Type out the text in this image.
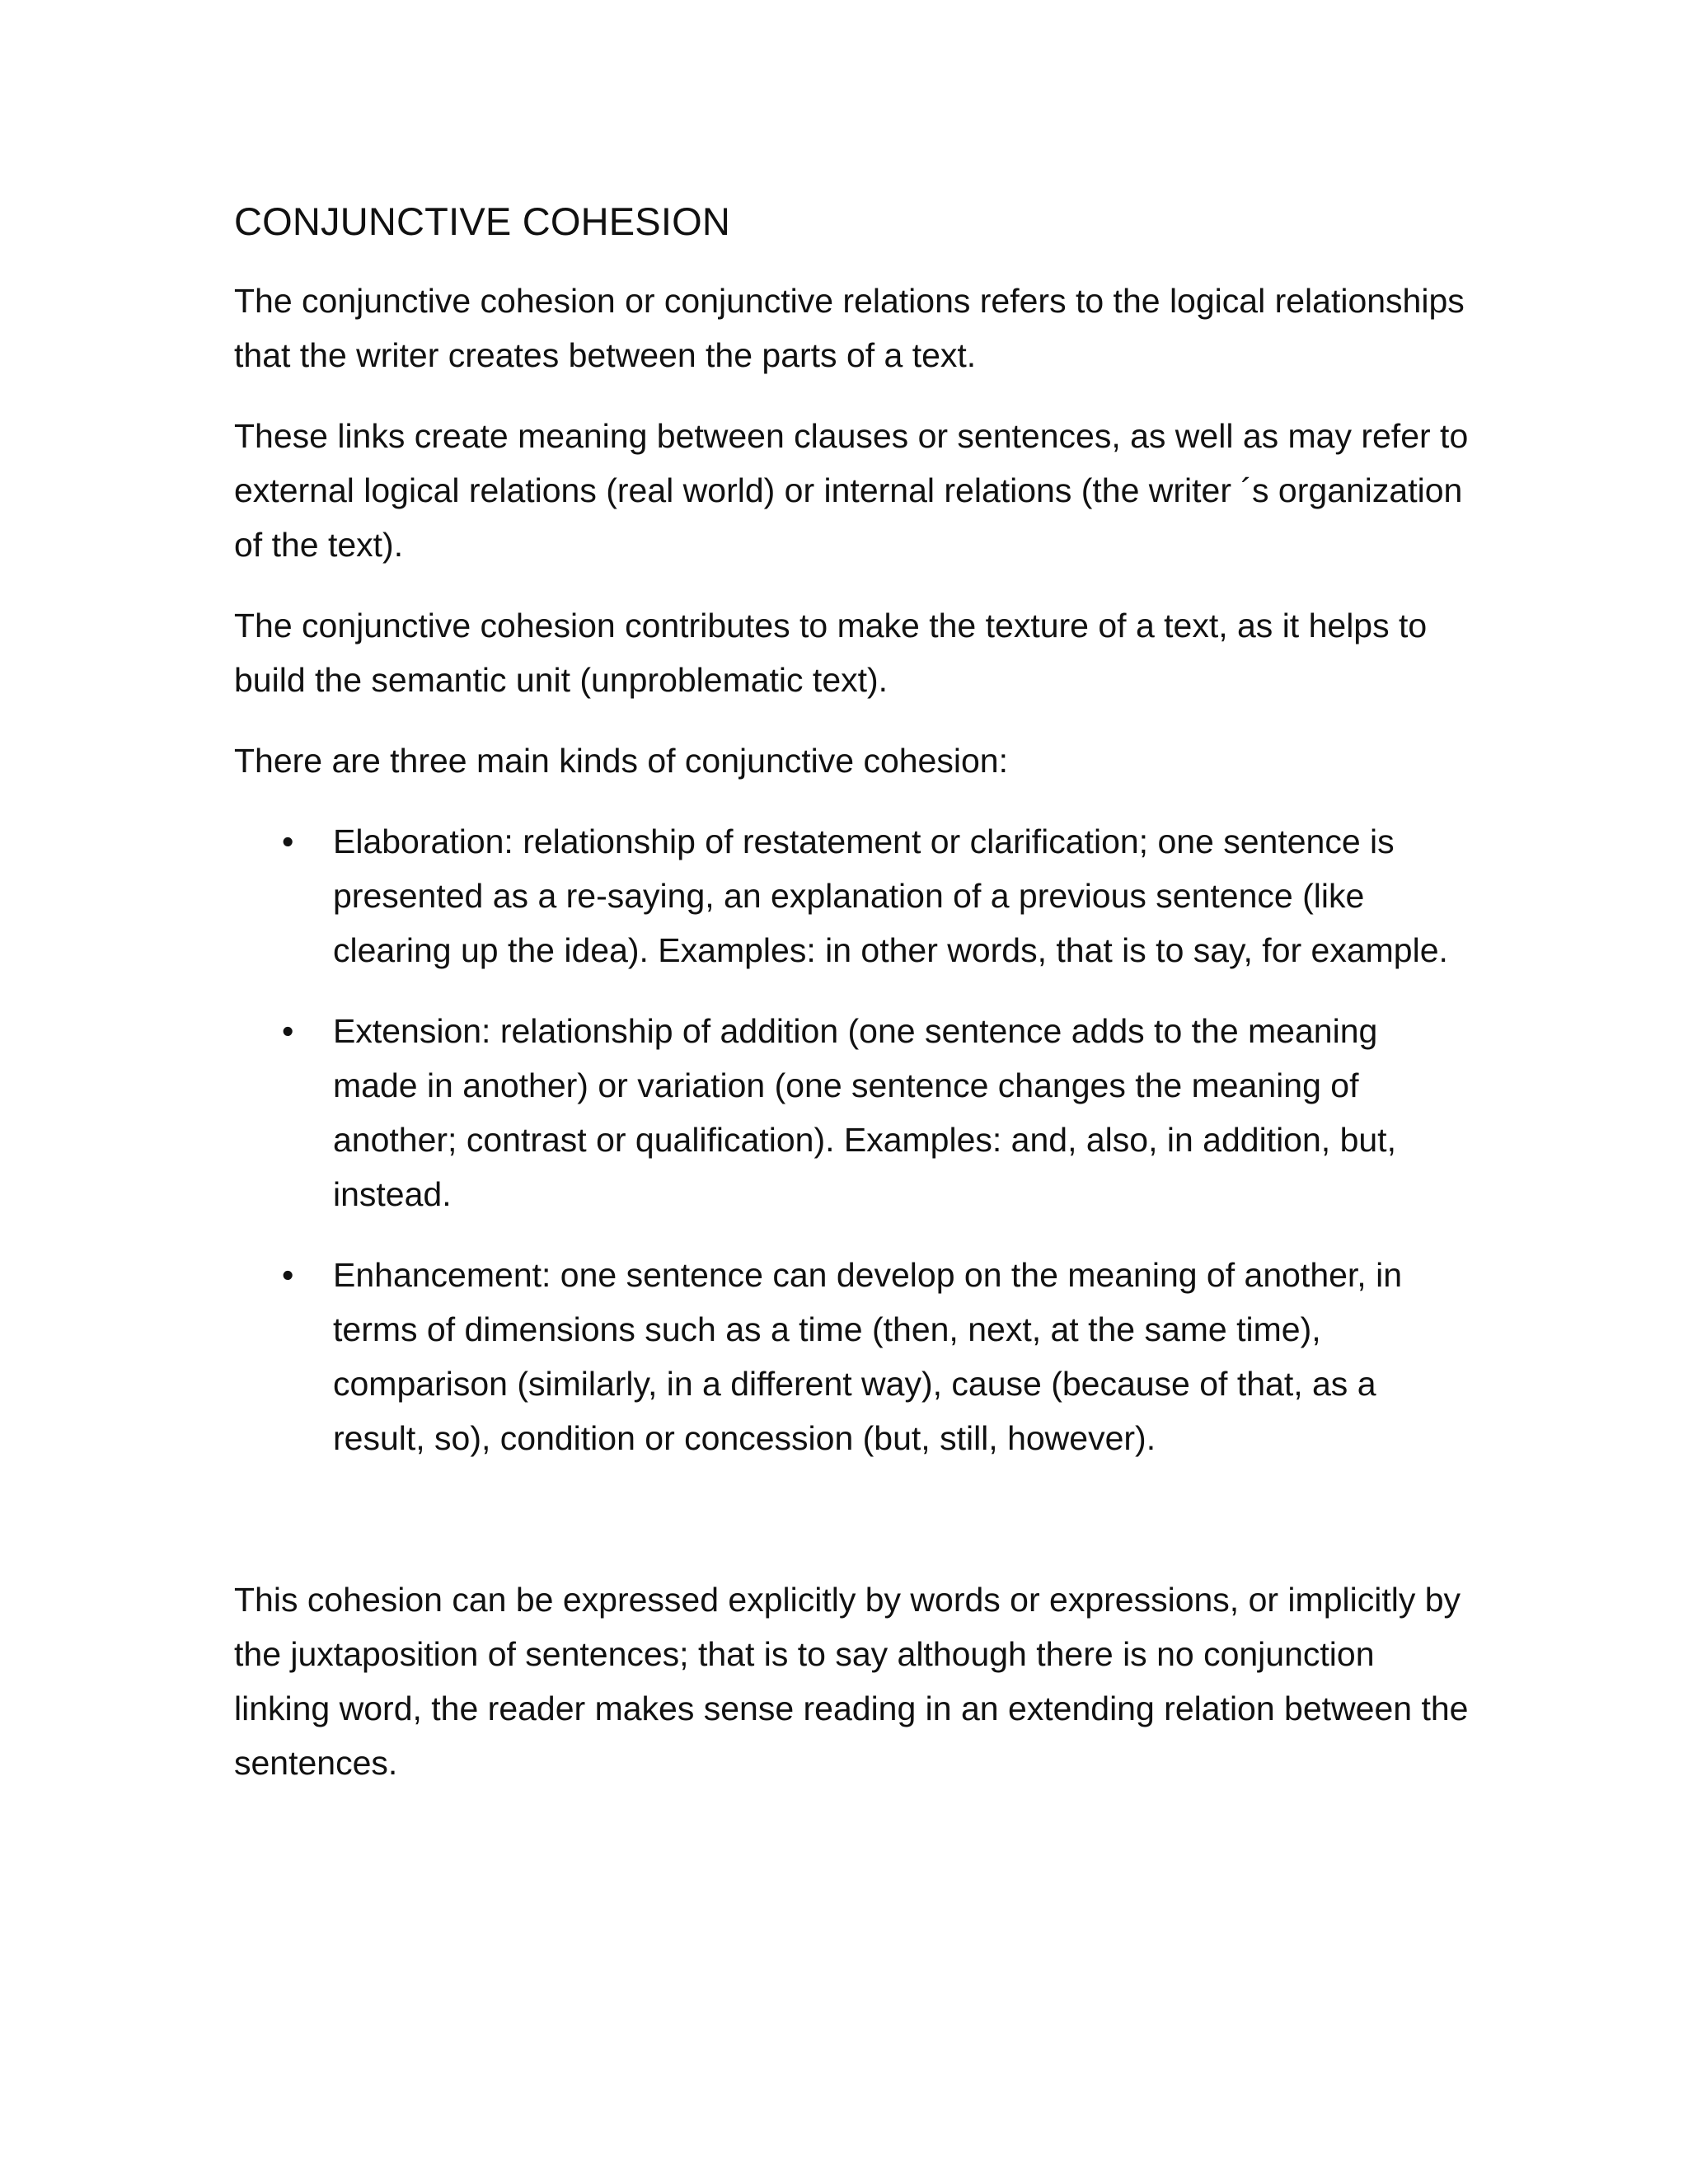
CONJUNCTIVE COHESION

The conjunctive cohesion or conjunctive relations refers to the logical relationships that the writer creates between the parts of a text.

These links create meaning between clauses or sentences, as well as may refer to external logical relations (real world) or internal relations (the writer ´s organization of the text).

The conjunctive cohesion contributes to make the texture of a text, as it helps to build the semantic unit (unproblematic text).

There are three main kinds of conjunctive cohesion:

• Elaboration: relationship of restatement or clarification; one sentence is presented as a re-saying, an explanation of a previous sentence (like clearing up the idea). Examples: in other words, that is to say, for example.
• Extension: relationship of addition (one sentence adds to the meaning made in another) or variation (one sentence changes the meaning of another; contrast or qualification). Examples: and, also, in addition, but, instead.
• Enhancement: one sentence can develop on the meaning of another, in terms of dimensions such as a time (then, next, at the same time), comparison (similarly, in a different way), cause (because of that, as a result, so), condition or concession (but, still, however).

This cohesion can be expressed explicitly by words or expressions, or implicitly by the juxtaposition of sentences; that is to say although there is no conjunction linking word, the reader makes sense reading in an extending relation between the sentences.
